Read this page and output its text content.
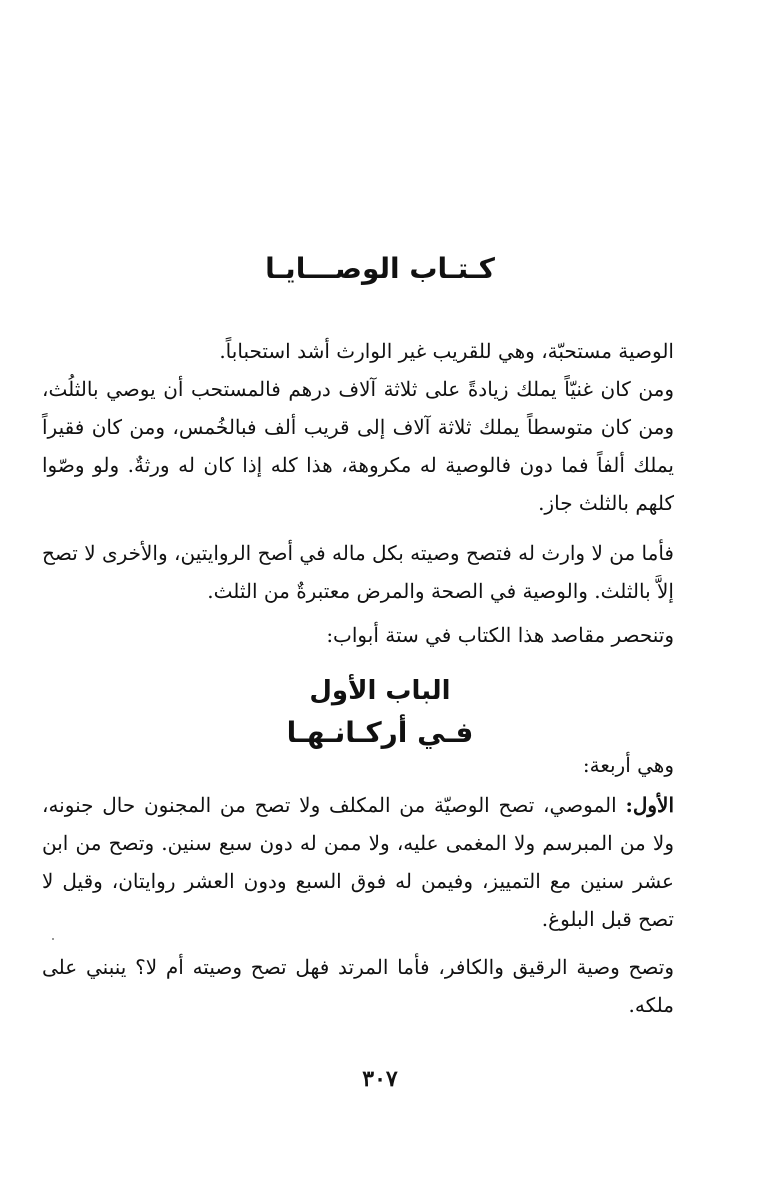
كـتـاب الوصـــايـا

الوصية مستحبّة، وهي للقريب غير الوارث أشد استحباباً.

ومن كان غنيّاً يملك زيادةً على ثلاثة آلاف درهم فالمستحب أن يوصي بالثلُث، ومن كان متوسطاً يملك ثلاثة آلاف إلى قريب ألف فبالخُمس، ومن كان فقيراً يملك ألفاً فما دون فالوصية له مكروهة، هذا كله إذا كان له ورثةٌ. ولو وصّوا كلهم بالثلث جاز.

فأما من لا وارث له فتصح وصيته بكل ماله في أصح الروايتين، والأخرى لا تصح إلاَّ بالثلث. والوصية في الصحة والمرض معتبرةٌ من الثلث.

وتنحصر مقاصد هذا الكتاب في ستة أبواب:

الباب الأول
فـي أركـانـهـا

وهي أربعة:

الأول: الموصي، تصح الوصيّة من المكلف ولا تصح من المجنون حال جنونه، ولا من المبرسم ولا المغمى عليه، ولا ممن له دون سبع سنين. وتصح من ابن عشر سنين مع التمييز، وفيمن له فوق السبع ودون العشر روايتان، وقيل لا تصح قبل البلوغ.

وتصح وصية الرقيق والكافر، فأما المرتد فهل تصح وصيته أم لا؟ ينبني على ملكه.

٣٠٧
